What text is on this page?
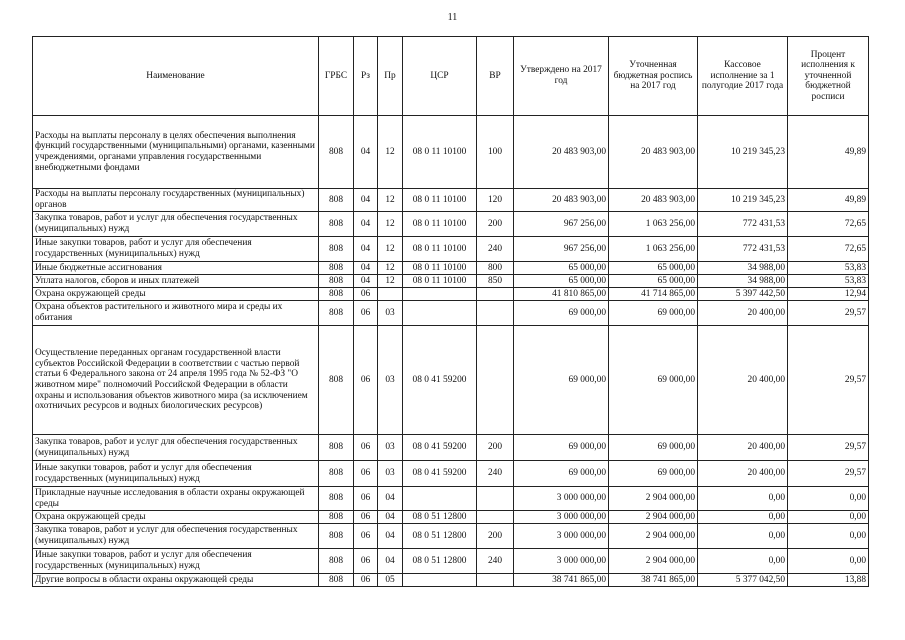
11
Наименование	ГРБС	Рз	Пр	ЦСР	ВР	Утверждено на 2017 год	Уточненная бюджетная роспись на 2017 год	Кассовое исполнение за 1 полугодие 2017 года	Процент исполнения к уточненной бюджетной росписи
Расходы на выплаты персоналу в целях обеспечения выполнения функций государственными (муниципальными) органами, казенными учреждениями, органами управления государственными внебюджетными фондами	808	04	12	08 0 11 10100	100	20 483 903,00	20 483 903,00	10 219 345,23	49,89
Расходы на выплаты персоналу государственных (муниципальных) органов	808	04	12	08 0 11 10100	120	20 483 903,00	20 483 903,00	10 219 345,23	49,89
Закупка товаров, работ и услуг для обеспечения государственных (муниципальных) нужд	808	04	12	08 0 11 10100	200	967 256,00	1 063 256,00	772 431,53	72,65
Иные закупки товаров, работ и услуг для обеспечения государственных (муниципальных) нужд	808	04	12	08 0 11 10100	240	967 256,00	1 063 256,00	772 431,53	72,65
Иные бюджетные ассигнования	808	04	12	08 0 11 10100	800	65 000,00	65 000,00	34 988,00	53,83
Уплата налогов, сборов и иных платежей	808	04	12	08 0 11 10100	850	65 000,00	65 000,00	34 988,00	53,83
Охрана окружающей среды	808	06				41 810 865,00	41 714 865,00	5 397 442,50	12,94
Охрана объектов растительного и животного мира и среды их обитания	808	06	03			69 000,00	69 000,00	20 400,00	29,57
Осуществление переданных органам государственной власти субъектов Российской Федерации в соответствии с частью первой статьи 6 Федерального закона от 24 апреля 1995 года № 52-ФЗ "О животном мире" полномочий Российской Федерации в области охраны и использования объектов животного мира (за исключением охотничьих ресурсов и водных биологических ресурсов)	808	06	03	08 0 41 59200		69 000,00	69 000,00	20 400,00	29,57
Закупка товаров, работ и услуг для обеспечения государственных (муниципальных) нужд	808	06	03	08 0 41 59200	200	69 000,00	69 000,00	20 400,00	29,57
Иные закупки товаров, работ и услуг для обеспечения государственных (муниципальных) нужд	808	06	03	08 0 41 59200	240	69 000,00	69 000,00	20 400,00	29,57
Прикладные научные исследования в области охраны окружающей среды	808	06	04			3 000 000,00	2 904 000,00	0,00	0,00
Охрана окружающей среды	808	06	04	08 0 51 12800		3 000 000,00	2 904 000,00	0,00	0,00
Закупка товаров, работ и услуг для обеспечения государственных (муниципальных) нужд	808	06	04	08 0 51 12800	200	3 000 000,00	2 904 000,00	0,00	0,00
Иные закупки товаров, работ и услуг для обеспечения государственных (муниципальных) нужд	808	06	04	08 0 51 12800	240	3 000 000,00	2 904 000,00	0,00	0,00
Другие вопросы в области охраны окружающей среды	808	06	05			38 741 865,00	38 741 865,00	5 377 042,50	13,88
